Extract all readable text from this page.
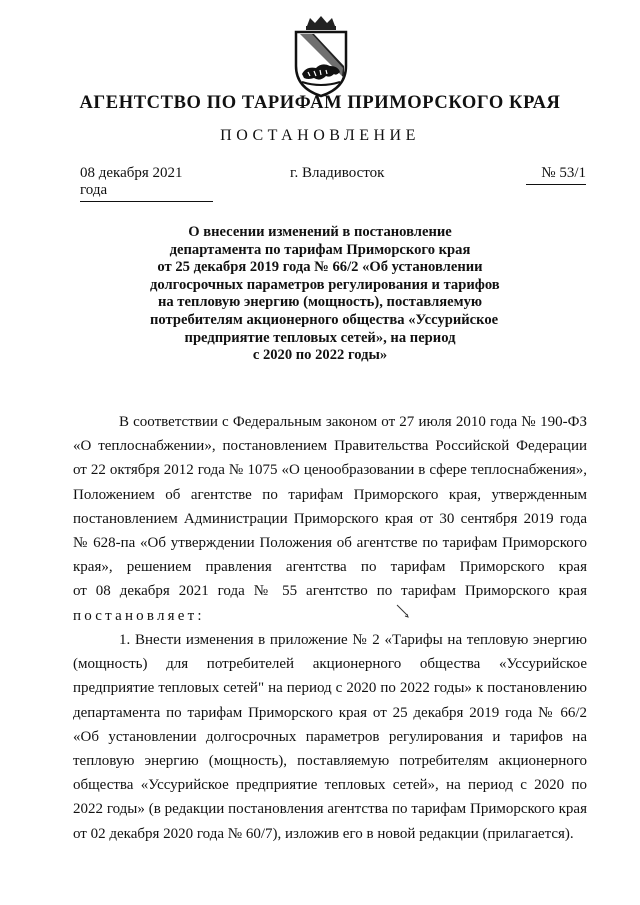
АГЕНТСТВО ПО ТАРИФАМ ПРИМОРСКОГО КРАЯ
ПОСТАНОВЛЕНИЕ
08 декабря 2021 года
г. Владивосток	№ 53/1
О внесении изменений в постановление
департамента по тарифам Приморского края
от 25 декабря 2019 года № 66/2 «Об установлении
долгосрочных параметров регулирования и тарифов
на тепловую энергию (мощность), поставляемую
потребителям акционерного общества «Уссурийское
предприятие тепловых сетей», на период
с 2020 по 2022 годы»
В соответствии с Федеральным законом от 27 июля 2010 года № 190-ФЗ
«О теплоснабжении», постановлением Правительства Российской Федерации
от 22 октября 2012 года № 1075 «О ценообразовании в сфере теплоснабжения»,
Положением об агентстве по тарифам Приморского края, утвержденным
постановлением Администрации Приморского края от 30 сентября 2019 года
№ 628-па «Об утверждении Положения об агентстве по тарифам Приморского
края», решением правления агентства по тарифам Приморского края
от 08 декабря 2021 года № 55 агентство по тарифам Приморского края
постановляет:
1. Внести изменения в приложение № 2 «Тарифы на тепловую энергию
(мощность) для потребителей акционерного общества «Уссурийское
предприятие тепловых сетей" на период с 2020 по 2022 годы» к постановлению
департамента по тарифам Приморского края от 25 декабря 2019 года № 66/2
«Об установлении долгосрочных параметров регулирования и тарифов на
тепловую энергию (мощность), поставляемую потребителям акционерного
общества «Уссурийское предприятие тепловых сетей», на период с 2020 по
2022 годы» (в редакции постановления агентства по тарифам Приморского края
от 02 декабря 2020 года № 60/7), изложив его в новой редакции (прилагается).
